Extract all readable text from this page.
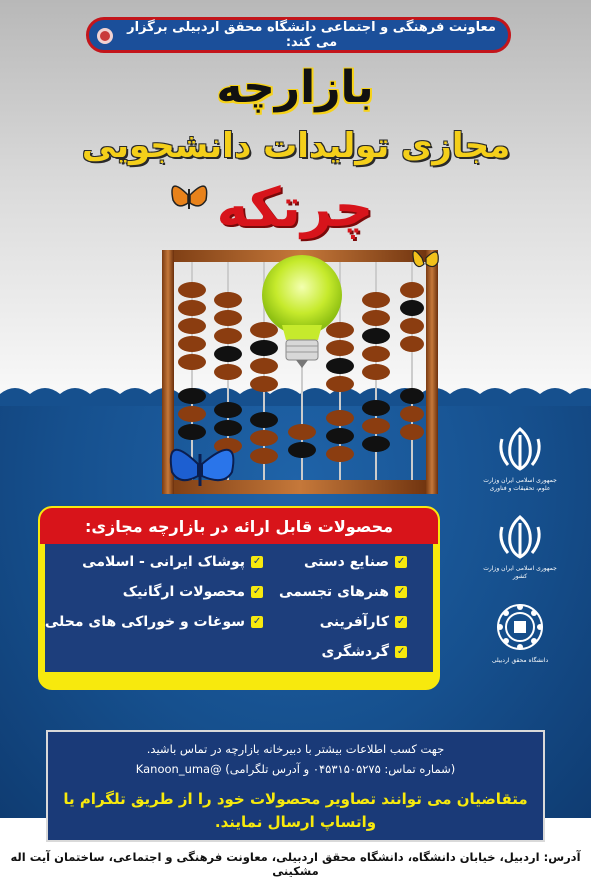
معاونت فرهنگی و اجتماعی دانشگاه محقق اردبیلی برگزار می کند:
بازارچه
مجازی تولیدات دانشجویی
چرتکه
جمهوری اسلامی ایران وزارت علوم، تحقیقات و فناوری
جمهوری اسلامی ایران وزارت کشور
دانشگاه محقق اردبیلی
محصولات قابل ارائه در بازارچه مجازی:
✓
صنایع دستی
✓
هنرهای تجسمی
✓
کارآفرینی
✓
گردشگری
✓
پوشاک ایرانی - اسلامی
✓
محصولات ارگانیک
✓
سوغات و خوراکی های محلی
جهت کسب اطلاعات بیشتر با دبیرخانه بازارچه در تماس باشید.
(شماره تماس: ۰۴۵۳۱۵۰۵۲۷۵ و آدرس تلگرامی) @Kanoon_uma
متقاضیان می توانند تصاویر محصولات خود را از طریق تلگرام یا واتساپ ارسال نمایند.
آدرس: اردبیل، خیابان دانشگاه، دانشگاه محقق اردبیلی، معاونت فرهنگی و اجتماعی، ساختمان آیت اله مشکینی
